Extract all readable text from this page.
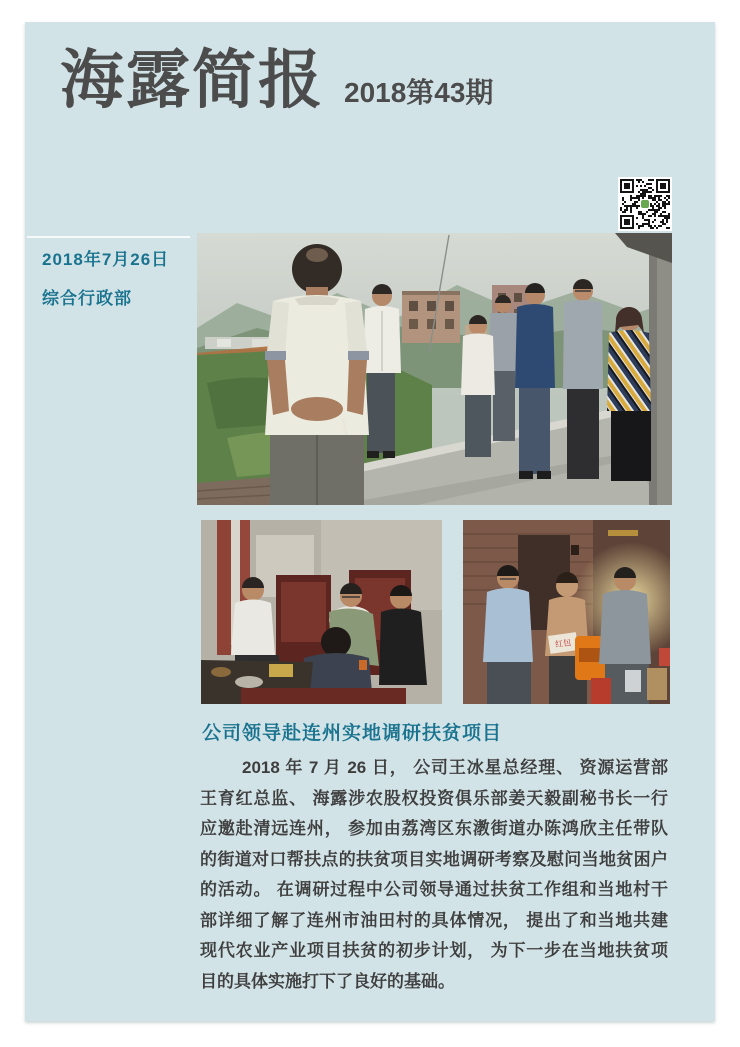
海露简报 2018第43期
2018年7月26日
综合行政部
红包
公司领导赴连州实地调研扶贫项目
2018 年 7 月 26 日， 公司王冰星总经理、 资源运营部
王育红总监、 海露涉农股权投资俱乐部姜天毅副秘书长一行
应邀赴清远连州， 参加由荔湾区东漖街道办陈鸿欣主任带队
的街道对口帮扶点的扶贫项目实地调研考察及慰问当地贫困户
的活动。 在调研过程中公司领导通过扶贫工作组和当地村干
部详细了解了连州市油田村的具体情况， 提出了和当地共建
现代农业产业项目扶贫的初步计划， 为下一步在当地扶贫项
目的具体实施打下了良好的基础。
